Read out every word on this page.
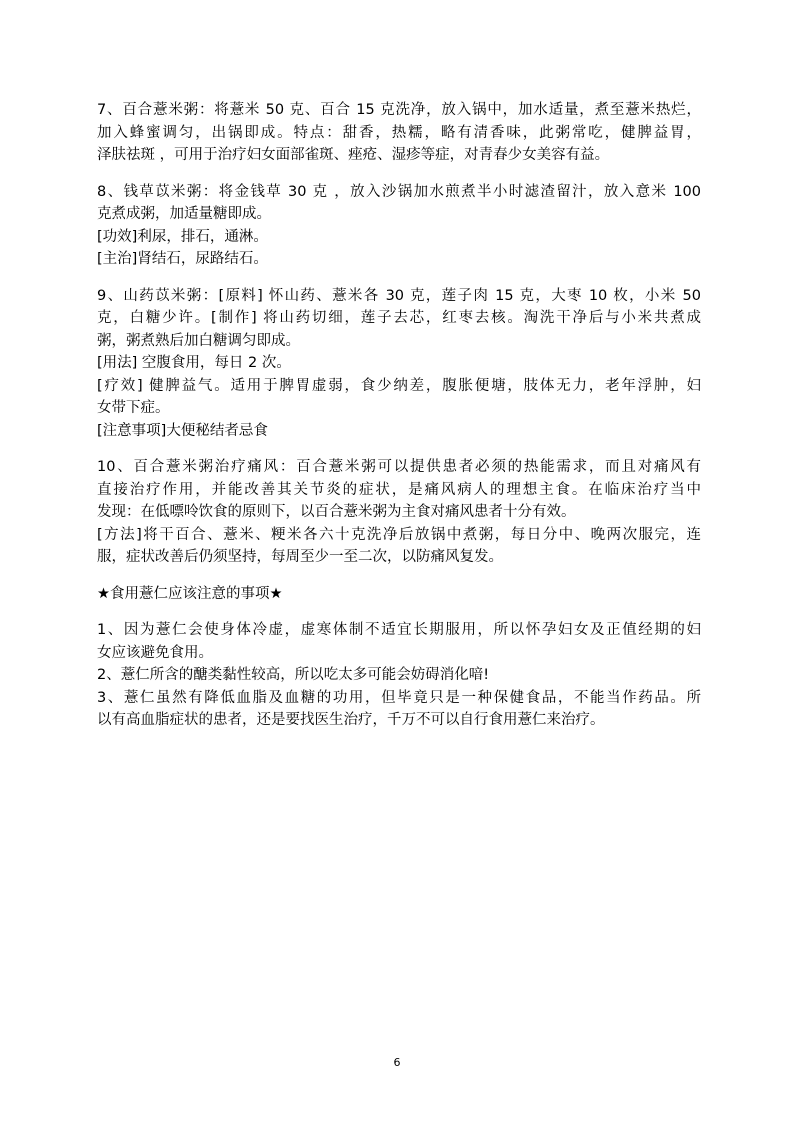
7、百合薏米粥：将薏米 50 克、百合 15 克洗净，放入锅中，加水适量，煮至薏米热烂，
加入蜂蜜调匀，出锅即成。特点：甜香，热糯，略有清香味，此粥常吃，健脾益胃，
泽肤祛斑 ，可用于治疗妇女面部雀斑、痤疮、湿疹等症，对青春少女美容有益。
8、钱草苡米粥：将金钱草 30 克 ，放入沙锅加水煎煮半小时滤渣留汁，放入意米 100
克煮成粥，加适量糖即成。
[功效]利尿，排石，通淋。
[主治]肾结石，尿路结石。
9、山药苡米粥：[原料] 怀山药、薏米各 30 克，莲子肉 15 克，大枣 10 枚，小米 50
克，白糖少许。[制作] 将山药切细，莲子去芯，红枣去核。淘洗干净后与小米共煮成
粥，粥煮熟后加白糖调匀即成。
[用法] 空腹食用，每日 2 次。
[疗效] 健脾益气。适用于脾胃虚弱，食少纳差，腹胀便塘，肢体无力，老年浮肿，妇
女带下症。
[注意事项]大便秘结者忌食
10、百合薏米粥治疗痛风：百合薏米粥可以提供患者必须的热能需求，而且对痛风有
直接治疗作用，并能改善其关节炎的症状，是痛风病人的理想主食。在临床治疗当中
发现：在低嘌呤饮食的原则下，以百合薏米粥为主食对痛风患者十分有效。
[方法]将干百合、薏米、粳米各六十克洗净后放锅中煮粥，每日分中、晚两次服完，连
服，症状改善后仍须坚持，每周至少一至二次，以防痛风复发。
★食用薏仁应该注意的事项★
1、因为薏仁会使身体冷虚，虚寒体制不适宜长期服用，所以怀孕妇女及正值经期的妇
女应该避免食用。
2、薏仁所含的醣类黏性较高，所以吃太多可能会妨碍消化喑!
3、薏仁虽然有降低血脂及血糖的功用，但毕竟只是一种保健食品，不能当作药品。所
以有高血脂症状的患者，还是要找医生治疗，千万不可以自行食用薏仁来治疗。
6
